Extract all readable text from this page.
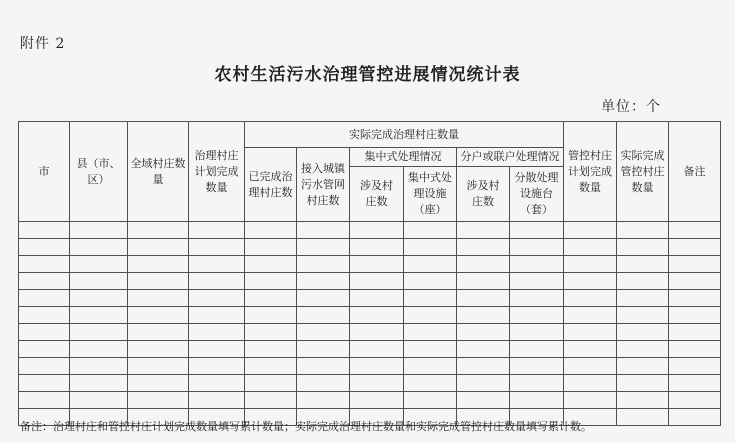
附件 2
农村生活污水治理管控进展情况统计表
单位：个
市	县（市、区）	全域村庄数量	治理村庄计划完成数量	实际完成治理村庄数量						管控村庄计划完成数量	实际完成管控村庄数量	备注
				已完成治理村庄数	接入城镇污水管网村庄数	集中式处理情况		分户或联户处理情况				
						涉及村庄数	集中式处理设施（座）	涉及村庄数	分散处理设施台（套）			

备注：治理村庄和管控村庄计划完成数量填写累计数量；实际完成治理村庄数量和实际完成管控村庄数量填写累计数。
